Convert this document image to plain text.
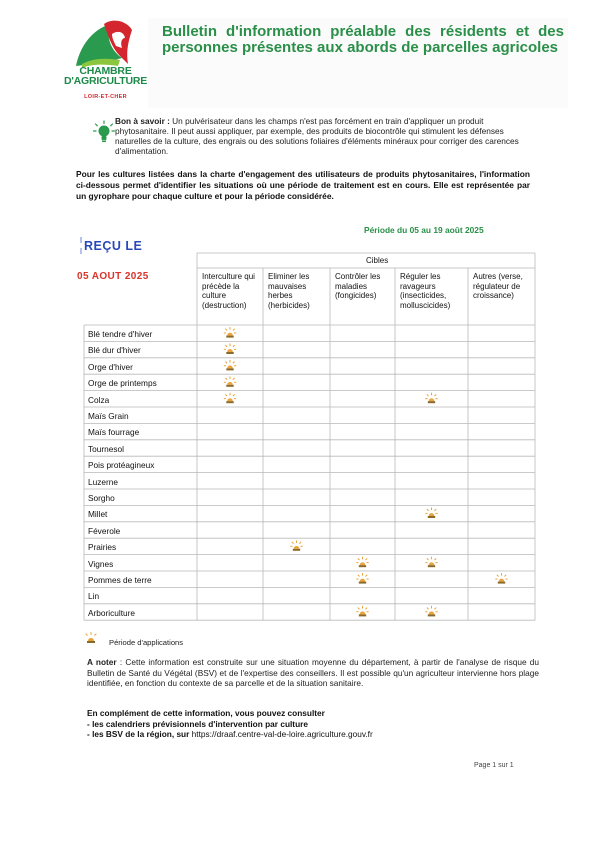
CHAMBRE
D'AGRICULTURE
LOIR-ET-CHER
Bulletin d'information préalable des résidents et des personnes présentes aux abords de parcelles agricoles
Bon à savoir : Un pulvérisateur dans les champs n'est pas forcément en train d'appliquer un produit phytosanitaire. Il peut aussi appliquer, par exemple, des produits de biocontrôle qui stimulent les défenses naturelles de la culture, des engrais ou des solutions foliaires d'éléments minéraux pour corriger des carences d'alimentation.
Pour les cultures listées dans la charte d'engagement des utilisateurs de produits phytosanitaires, l'information ci-dessous permet d'identifier les situations où une période de traitement est en cours. Elle est représentée par un gyrophare pour chaque culture et pour la période considérée.
Période du 05 au 19 août 2025
REÇU LE
05 AOUT 2025
Cibles
Interculture qui précède la culture (destruction)
Eliminer les mauvaises herbes (herbicides)
Contrôler les maladies (fongicides)
Réguler les ravageurs (insecticides, molluscicides)
Autres (verse, régulateur de croissance)
Blé tendre d'hiver
Blé dur d'hiver
Orge d'hiver
Orge de printemps
Colza
Maïs Grain
Maïs fourrage
Tournesol
Pois protéagineux
Luzerne
Sorgho
Millet
Féverole
Prairies
Vignes
Pommes de terre
Lin
Arboriculture
Période d'applications
A noter : Cette information est construite sur une situation moyenne du département, à partir de l'analyse de risque du Bulletin de Santé du Végétal (BSV) et de l'expertise des conseillers. Il est possible qu'un agriculteur intervienne hors plage identifiée, en fonction du contexte de sa parcelle et de la situation sanitaire.
En complément de cette information, vous pouvez consulter
- les calendriers prévisionnels d'intervention par culture
- les BSV de la région, sur https://draaf.centre-val-de-loire.agriculture.gouv.fr
Page 1 sur 1
